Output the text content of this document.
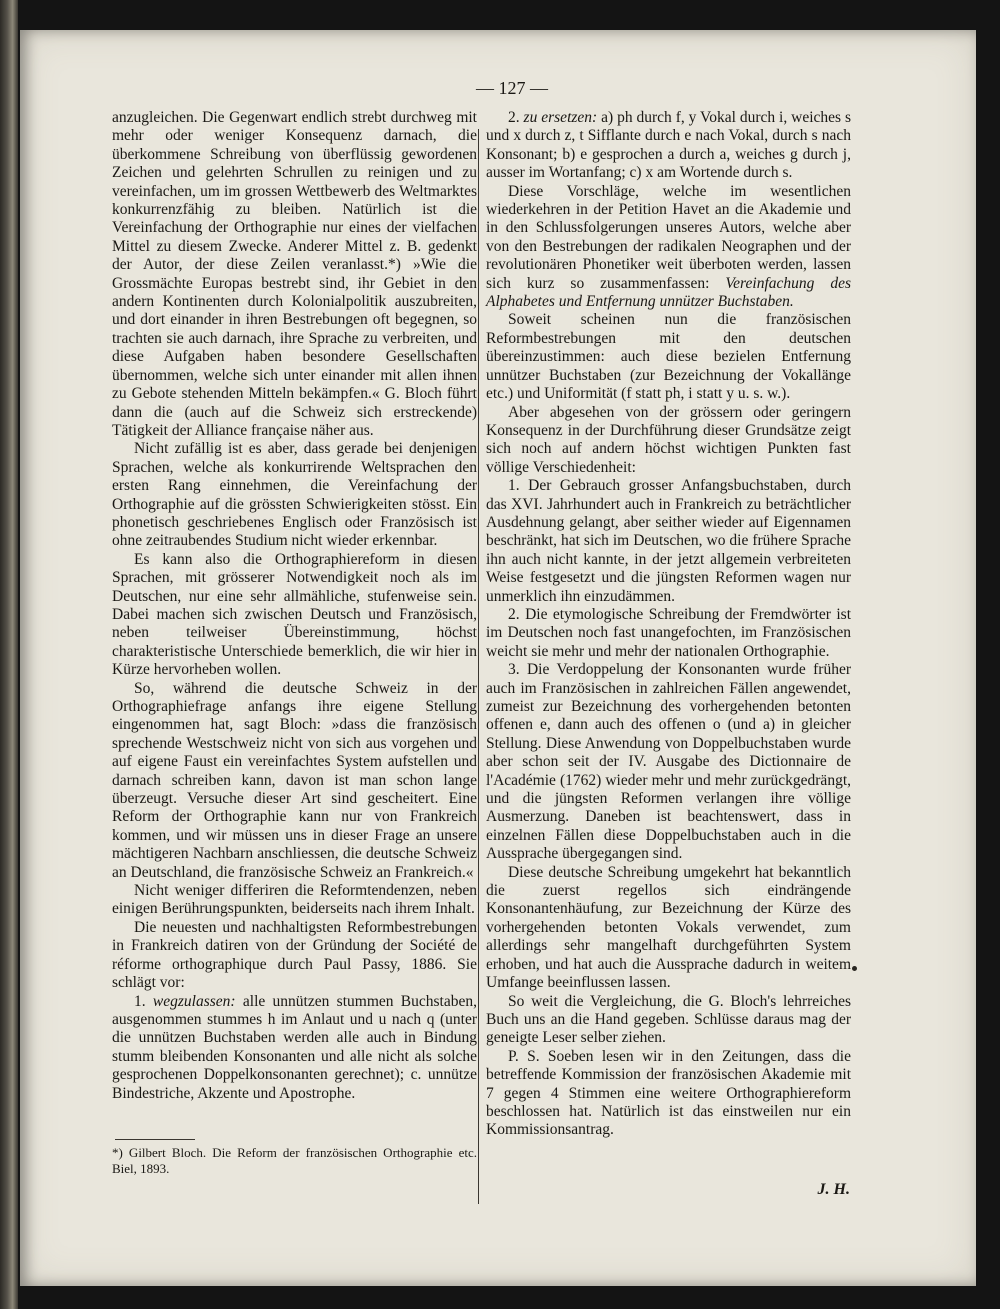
— 127 —

anzugleichen. Die Gegenwart endlich strebt durchweg mit mehr oder weniger Konsequenz darnach, die überkommene Schreibung von überflüssig gewordenen Zeichen und gelehrten Schrullen zu reinigen und zu vereinfachen, um im grossen Wettbewerb des Weltmarktes konkurrenzfähig zu bleiben. Natürlich ist die Vereinfachung der Orthographie nur eines der vielfachen Mittel zu diesem Zwecke. Anderer Mittel z. B. gedenkt der Autor, der diese Zeilen veranlasst.*) »Wie die Grossmächte Europas bestrebt sind, ihr Gebiet in den andern Kontinenten durch Kolonialpolitik auszubreiten, und dort einander in ihren Bestrebungen oft begegnen, so trachten sie auch darnach, ihre Sprache zu verbreiten, und diese Aufgaben haben besondere Gesellschaften übernommen, welche sich unter einander mit allen ihnen zu Gebote stehenden Mitteln bekämpfen.« G. Bloch führt dann die (auch auf die Schweiz sich erstreckende) Tätigkeit der Alliance française näher aus.

Nicht zufällig ist es aber, dass gerade bei denjenigen Sprachen, welche als konkurrirende Weltsprachen den ersten Rang einnehmen, die Vereinfachung der Orthographie auf die grössten Schwierigkeiten stösst. Ein phonetisch geschriebenes Englisch oder Französisch ist ohne zeitraubendes Studium nicht wieder erkennbar.

Es kann also die Orthographiereform in diesen Sprachen, mit grösserer Notwendigkeit noch als im Deutschen, nur eine sehr allmähliche, stufenweise sein. Dabei machen sich zwischen Deutsch und Französisch, neben teilweiser Übereinstimmung, höchst charakteristische Unterschiede bemerklich, die wir hier in Kürze hervorheben wollen.

So, während die deutsche Schweiz in der Orthographiefrage anfangs ihre eigene Stellung eingenommen hat, sagt Bloch: »dass die französisch sprechende Westschweiz nicht von sich aus vorgehen und auf eigene Faust ein vereinfachtes System aufstellen und darnach schreiben kann, davon ist man schon lange überzeugt. Versuche dieser Art sind gescheitert. Eine Reform der Orthographie kann nur von Frankreich kommen, und wir müssen uns in dieser Frage an unsere mächtigeren Nachbarn anschliessen, die deutsche Schweiz an Deutschland, die französische Schweiz an Frankreich.«

Nicht weniger differiren die Reformtendenzen, neben einigen Berührungspunkten, beiderseits nach ihrem Inhalt.

Die neuesten und nachhaltigsten Reformbestrebungen in Frankreich datiren von der Gründung der Société de réforme orthographique durch Paul Passy, 1886. Sie schlägt vor:

1. wegzulassen: alle unnützen stummen Buchstaben, ausgenommen stummes h im Anlaut und u nach q (unter die unnützen Buchstaben werden alle auch in Bindung stumm bleibenden Konsonanten und alle nicht als solche gesprochenen Doppelkonsonanten gerechnet); c. unnütze Bindestriche, Akzente und Apostrophe.

*) Gilbert Bloch. Die Reform der französischen Orthographie etc. Biel, 1893.

2. zu ersetzen: a) ph durch f, y Vokal durch i, weiches s und x durch z, t Sifflante durch e nach Vokal, durch s nach Konsonant; b) e gesprochen a durch a, weiches g durch j, ausser im Wortanfang; c) x am Wortende durch s.

Diese Vorschläge, welche im wesentlichen wiederkehren in der Petition Havet an die Akademie und in den Schlussfolgerungen unseres Autors, welche aber von den Bestrebungen der radikalen Neographen und der revolutionären Phonetiker weit überboten werden, lassen sich kurz so zusammenfassen: Vereinfachung des Alphabetes und Entfernung unnützer Buchstaben.

Soweit scheinen nun die französischen Reformbestrebungen mit den deutschen übereinzustimmen: auch diese bezielen Entfernung unnützer Buchstaben (zur Bezeichnung der Vokallänge etc.) und Uniformität (f statt ph, i statt y u. s. w.).

Aber abgesehen von der grössern oder geringern Konsequenz in der Durchführung dieser Grundsätze zeigt sich noch auf andern höchst wichtigen Punkten fast völlige Verschiedenheit:

1. Der Gebrauch grosser Anfangsbuchstaben, durch das XVI. Jahrhundert auch in Frankreich zu beträchtlicher Ausdehnung gelangt, aber seither wieder auf Eigennamen beschränkt, hat sich im Deutschen, wo die frühere Sprache ihn auch nicht kannte, in der jetzt allgemein verbreiteten Weise festgesetzt und die jüngsten Reformen wagen nur unmerklich ihn einzudämmen.

2. Die etymologische Schreibung der Fremdwörter ist im Deutschen noch fast unangefochten, im Französischen weicht sie mehr und mehr der nationalen Orthographie.

3. Die Verdoppelung der Konsonanten wurde früher auch im Französischen in zahlreichen Fällen angewendet, zumeist zur Bezeichnung des vorhergehenden betonten offenen e, dann auch des offenen o (und a) in gleicher Stellung. Diese Anwendung von Doppelbuchstaben wurde aber schon seit der IV. Ausgabe des Dictionnaire de l'Académie (1762) wieder mehr und mehr zurückgedrängt, und die jüngsten Reformen verlangen ihre völlige Ausmerzung. Daneben ist beachtenswert, dass in einzelnen Fällen diese Doppelbuchstaben auch in die Aussprache übergegangen sind.

Diese deutsche Schreibung umgekehrt hat bekanntlich die zuerst regellos sich eindrängende Konsonantenhäufung, zur Bezeichnung der Kürze des vorhergehenden betonten Vokals verwendet, zum allerdings sehr mangelhaft durchgeführten System erhoben, und hat auch die Aussprache dadurch in weitem Umfange beeinflussen lassen.

So weit die Vergleichung, die G. Bloch's lehrreiches Buch uns an die Hand gegeben. Schlüsse daraus mag der geneigte Leser selber ziehen.

P. S. Soeben lesen wir in den Zeitungen, dass die betreffende Kommission der französischen Akademie mit 7 gegen 4 Stimmen eine weitere Orthographiereform beschlossen hat. Natürlich ist das einstweilen nur ein Kommissionsantrag.

J. H.
